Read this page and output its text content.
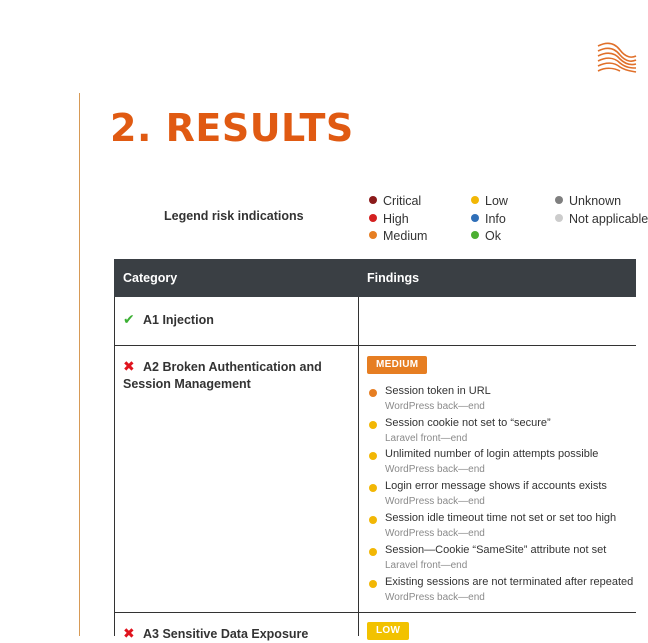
2. RESULTS
Legend risk indications
Critical
High
Medium
Low
Info
Ok
Unknown
Not applicable
Category	Findings
✔ A1 Injection
✖ A2 Broken Authentication and Session Management
MEDIUM
Session token in URL
WordPress back—end
Session cookie not set to “secure”
Laravel front—end
Unlimited number of login attempts possible
WordPress back—end
Login error message shows if accounts exists
WordPress back—end
Session idle timeout time not set or set too high
WordPress back—end
Session—Cookie “SameSite” attribute not set
Laravel front—end
Existing sessions are not terminated after repeated
WordPress back—end
✖ A3 Sensitive Data Exposure	LOW
